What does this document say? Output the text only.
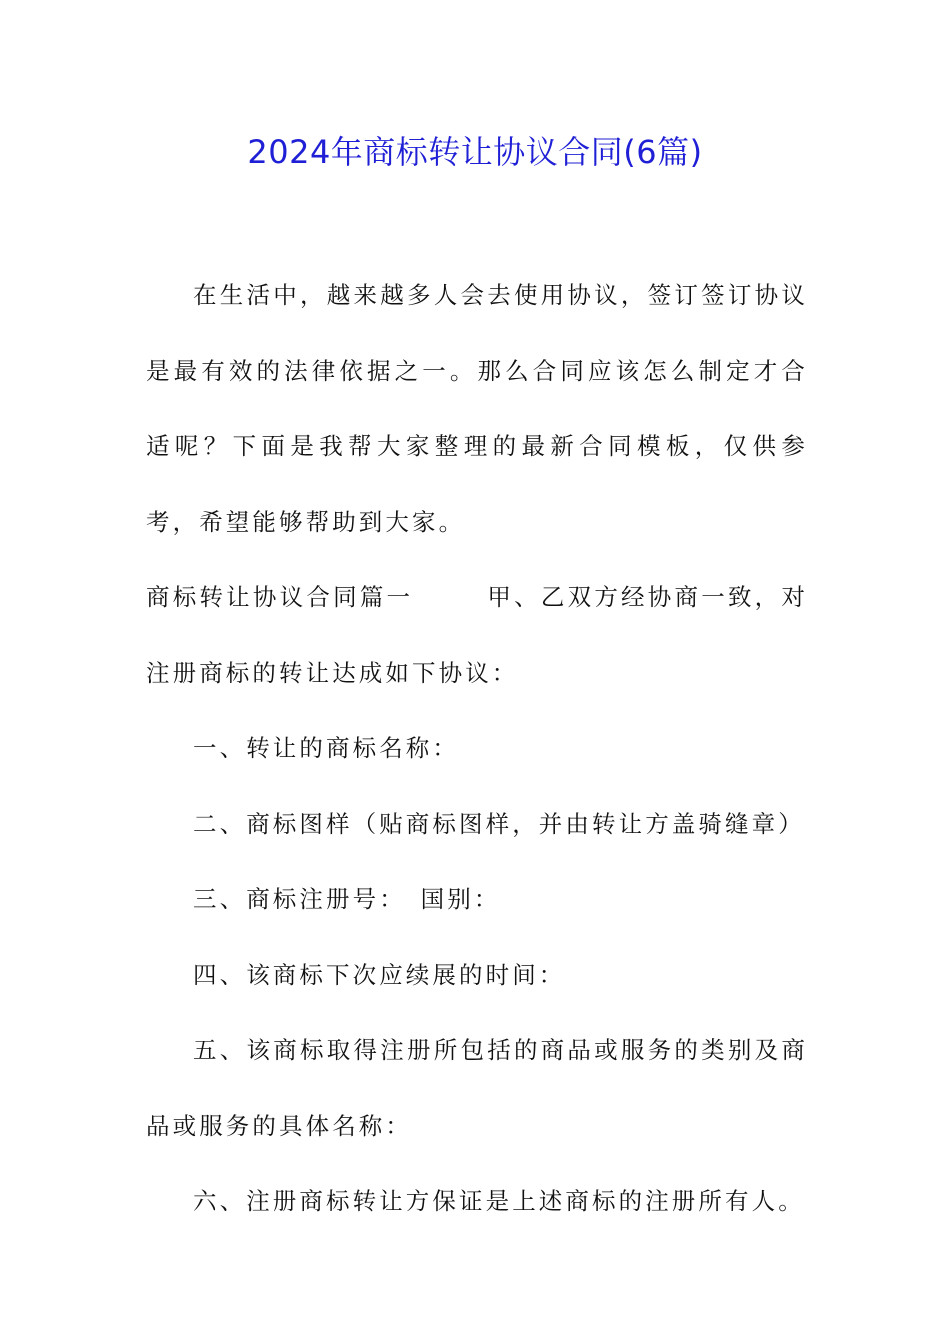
2024年商标转让协议合同(6篇)

在生活中，越来越多人会去使用协议，签订签订协议是最有效的法律依据之一。那么合同应该怎么制定才合适呢？下面是我帮大家整理的最新合同模板，仅供参考，希望能够帮助到大家。

商标转让协议合同篇一	甲、乙双方经协商一致，对注册商标的转让达成如下协议：

一、转让的商标名称：

二、商标图样（贴商标图样，并由转让方盖骑缝章）

三、商标注册号：　国别：

四、该商标下次应续展的时间：

五、该商标取得注册所包括的商品或服务的类别及商品或服务的具体名称：

六、注册商标转让方保证是上述商标的注册所有人。
